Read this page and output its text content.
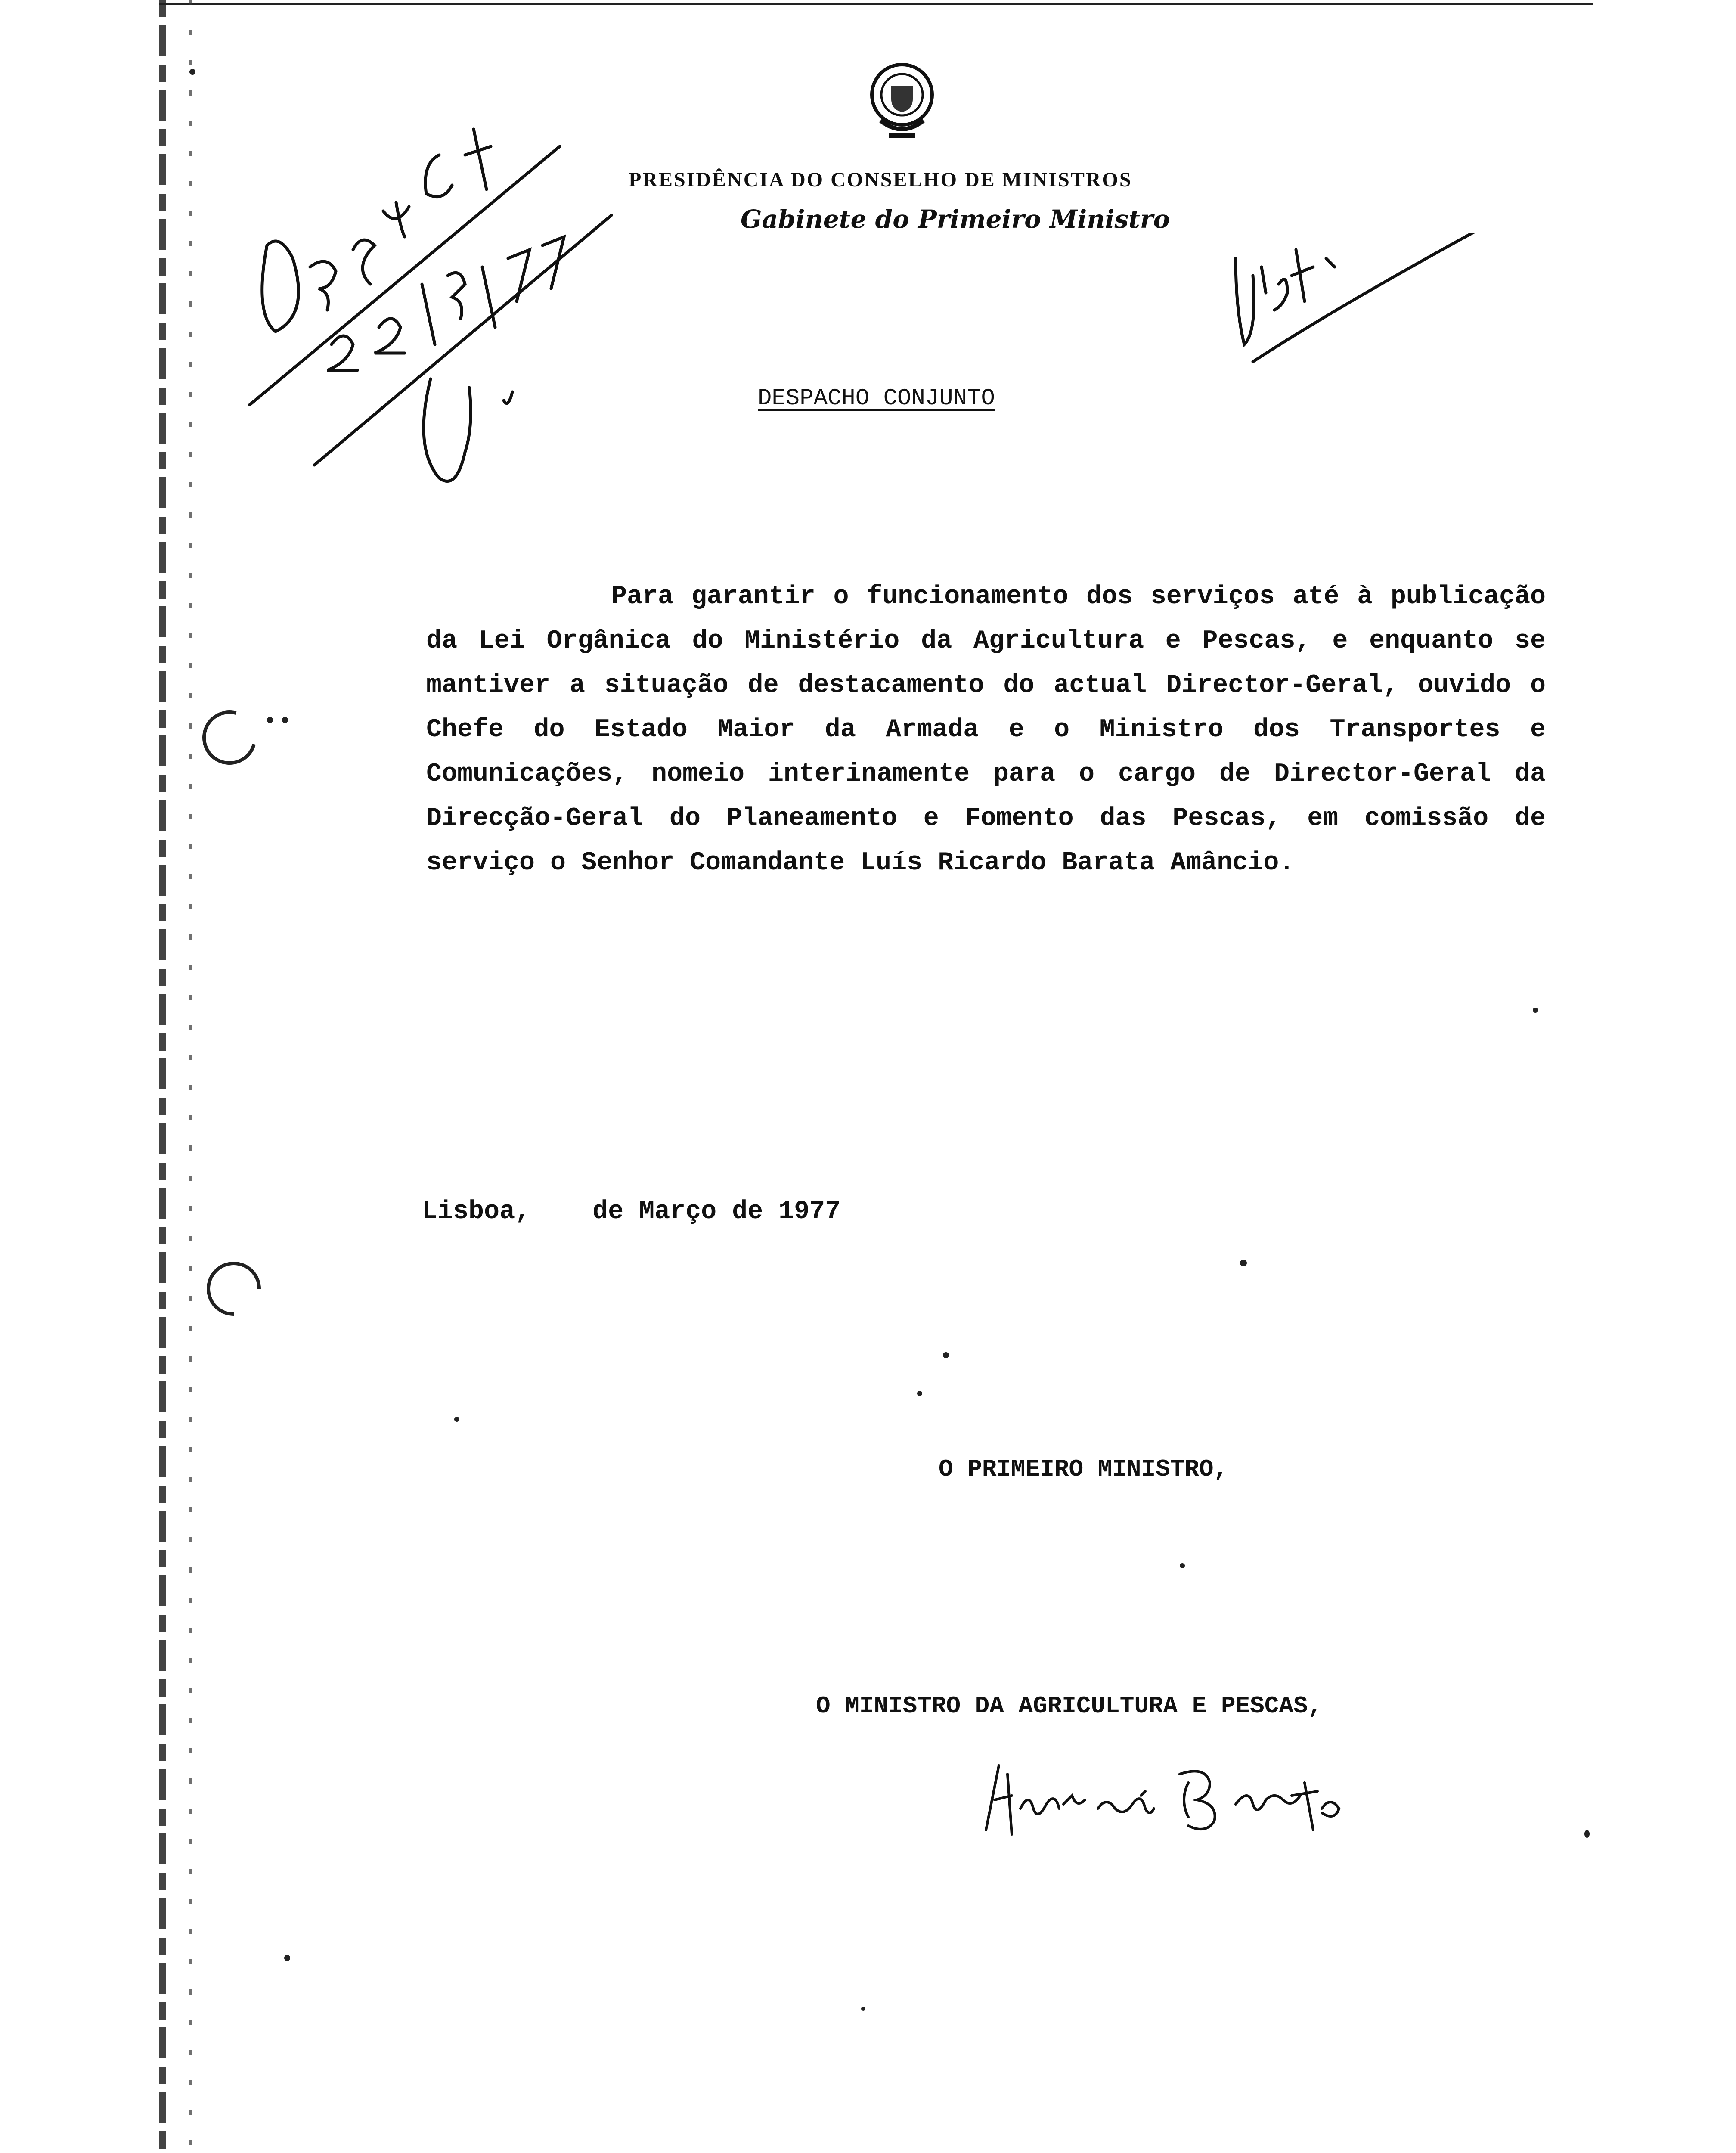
PRESIDÊNCIA DO CONSELHO DE MINISTROS
Gabinete do Primeiro Ministro
DESPACHO CONJUNTO

Para garantir o funcionamento dos serviços até à publicação da Lei Orgânica do Ministério da Agricultura e Pescas, e enquanto se mantiver a situação de destacamento do actual Director-Geral, ouvido o Chefe do Estado Maior da Armada e o Ministro dos Transportes e Comunicações, nomeio interinamente para o cargo de Director-Geral da Direcção-Geral do Planeamento e Fomento das Pescas, em comissão de serviço o Senhor Comandante Luís Ricardo Barata Amâncio.

Lisboa, de Março de 1977
O PRIMEIRO MINISTRO,
O MINISTRO DA AGRICULTURA E PESCAS,
